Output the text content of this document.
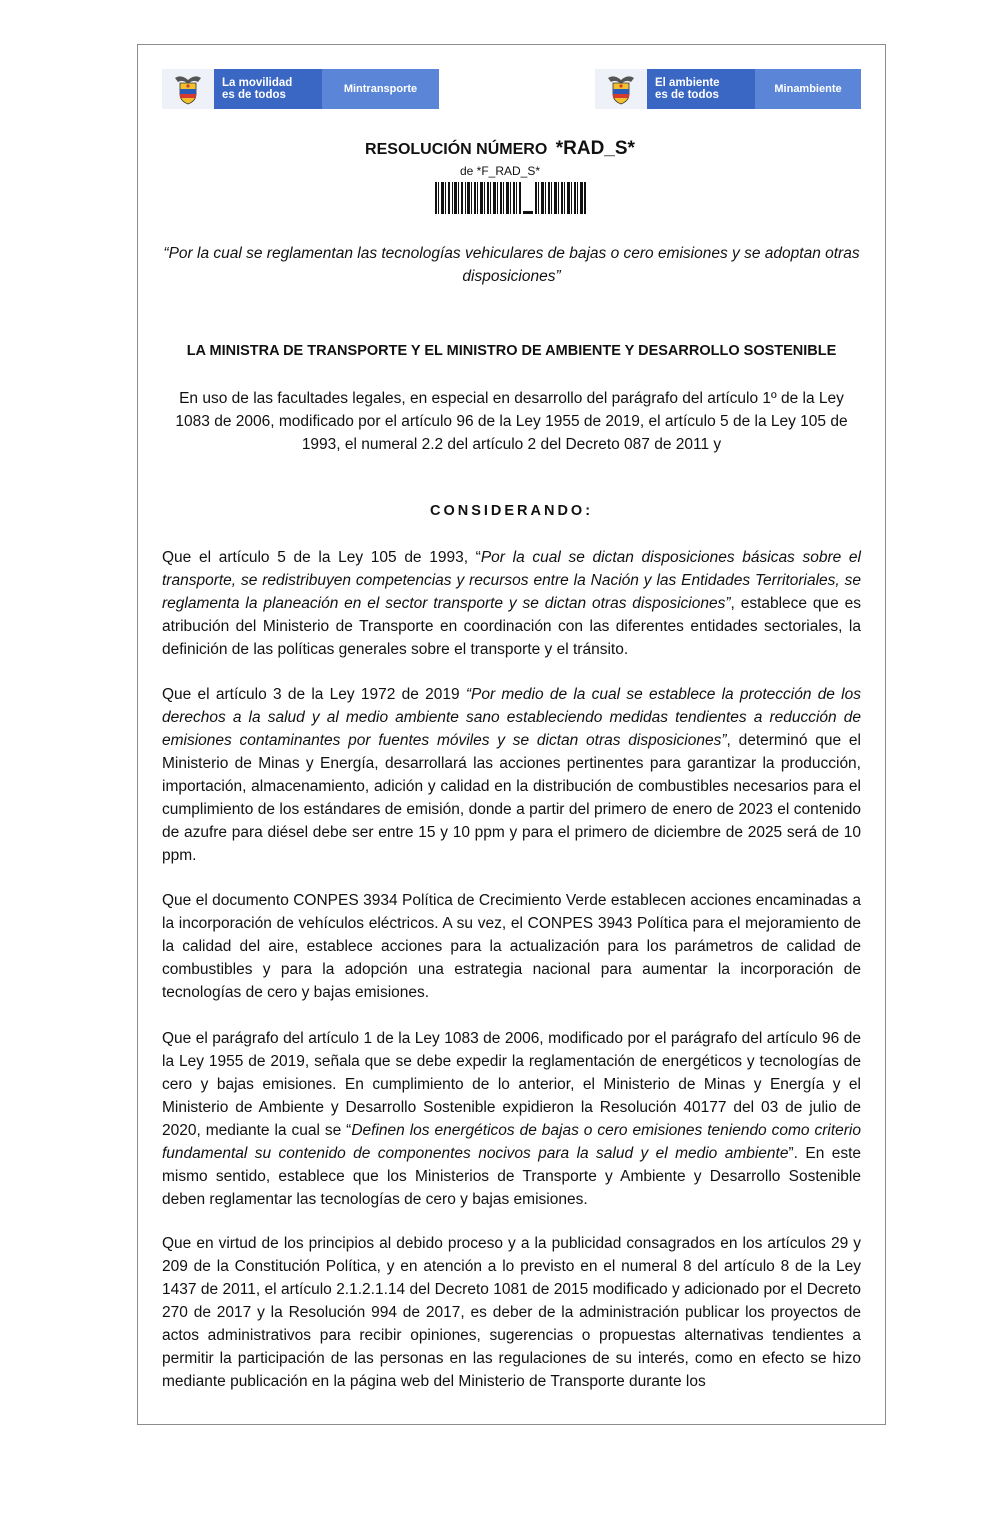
La movilidad
es de todos	Mintransporte	El ambiente
es de todos	Minambiente
RESOLUCIÓN NÚMERO *RAD_S*
de *F_RAD_S*
“Por la cual se reglamentan las tecnologías vehiculares de bajas o cero emisiones y se adoptan otras disposiciones”
LA MINISTRA DE TRANSPORTE Y EL MINISTRO DE AMBIENTE Y DESARROLLO SOSTENIBLE
En uso de las facultades legales, en especial en desarrollo del parágrafo del artículo 1º de la Ley 1083 de 2006, modificado por el artículo 96 de la Ley 1955 de 2019, el artículo 5 de la Ley 105 de 1993, el numeral 2.2 del artículo 2 del Decreto 087 de 2011 y
CONSIDERANDO:

Que el artículo 5 de la Ley 105 de 1993, “Por la cual se dictan disposiciones básicas sobre el transporte, se redistribuyen competencias y recursos entre la Nación y las Entidades Territoriales, se reglamenta la planeación en el sector transporte y se dictan otras disposiciones”, establece que es atribución del Ministerio de Transporte en coordinación con las diferentes entidades sectoriales, la definición de las políticas generales sobre el transporte y el tránsito.

Que el artículo 3 de la Ley 1972 de 2019 “Por medio de la cual se establece la protección de los derechos a la salud y al medio ambiente sano estableciendo medidas tendientes a reducción de emisiones contaminantes por fuentes móviles y se dictan otras disposiciones”, determinó que el Ministerio de Minas y Energía, desarrollará las acciones pertinentes para garantizar la producción, importación, almacenamiento, adición y calidad en la distribución de combustibles necesarios para el cumplimiento de los estándares de emisión, donde a partir del primero de enero de 2023 el contenido de azufre para diésel debe ser entre 15 y 10 ppm y para el primero de diciembre de 2025 será de 10 ppm.

Que el documento CONPES 3934 Política de Crecimiento Verde establecen acciones encaminadas a la incorporación de vehículos eléctricos. A su vez, el CONPES 3943 Política para el mejoramiento de la calidad del aire, establece acciones para la actualización para los parámetros de calidad de combustibles y para la adopción una estrategia nacional para aumentar la incorporación de tecnologías de cero y bajas emisiones.

Que el parágrafo del artículo 1 de la Ley 1083 de 2006, modificado por el parágrafo del artículo 96 de la Ley 1955 de 2019, señala que se debe expedir la reglamentación de energéticos y tecnologías de cero y bajas emisiones. En cumplimiento de lo anterior, el Ministerio de Minas y Energía y el Ministerio de Ambiente y Desarrollo Sostenible expidieron la Resolución 40177 del 03 de julio de 2020, mediante la cual se “Definen los energéticos de bajas o cero emisiones teniendo como criterio fundamental su contenido de componentes nocivos para la salud y el medio ambiente”. En este mismo sentido, establece que los Ministerios de Transporte y Ambiente y Desarrollo Sostenible deben reglamentar las tecnologías de cero y bajas emisiones.

Que en virtud de los principios al debido proceso y a la publicidad consagrados en los artículos 29 y 209 de la Constitución Política, y en atención a lo previsto en el numeral 8 del artículo 8 de la Ley 1437 de 2011, el artículo 2.1.2.1.14 del Decreto 1081 de 2015 modificado y adicionado por el Decreto 270 de 2017 y la Resolución 994 de 2017, es deber de la administración publicar los proyectos de actos administrativos para recibir opiniones, sugerencias o propuestas alternativas tendientes a permitir la participación de las personas en las regulaciones de su interés, como en efecto se hizo mediante publicación en la página web del Ministerio de Transporte durante los
